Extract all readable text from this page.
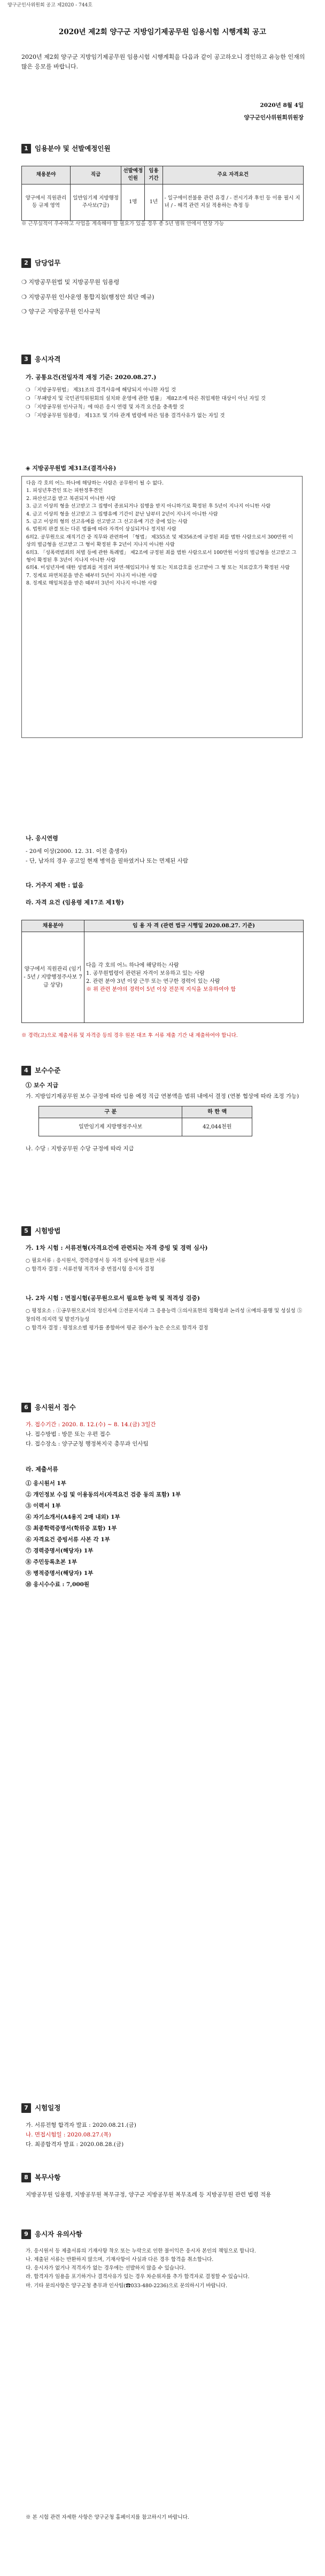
양구군인사위원회 공고 제2020 - 744호
2020년 제2회 양구군 지방임기제공무원 임용시험 시행계획 공고
2020년 제2회 양구군 지방임기제공무원 임용시험 시행계획을 다음과 같이 공고하오니 경인하고 유능한 인재의 많은 응모를 바랍니다.
2020년 8월 4일
양구군인사위원회위원장
1 임용분야 및 선발예정인원
채용분야	직급	선발예정인원	임용기간	주요 자격요건
양구에서 직원관리 등 규제 영역	일반임기제 지방행정주사보(7급)	1명	1년	- 일구에이전불용 관련 유경 / - 전시기과 후인 등 이용 필시 지녀 / - 해격 관련 지실 적용하는 측정 등
※ 근무실적이 우수하고 사업을 계속해야 할 필요가 있을 경우 총 5년 범위 안에서 연장 가능
2 담당업무
❍ 지방공무원법 및 지방공무원 임용령
❍ 지방공무원 인사운영 통합지침(행정안 희단 예규)
❍ 양구군 지방공무원 인사규칙
3 응시자격
가. 공통요건(전일자격 재정 기준: 2020.08.27.)
❍ 「지방공무원법」 제31조의 결격사유에 해당되지 아니한 자일 것
❍ 「부패방지 및 국민권익위원회의 설치와 운영에 관한 법률」 제82조에 따른 취업제한 대상이 아닌 자일 것
❍ 「지방공무원 인사규칙」에 따른 응시 연령 및 자격 요건을 충족할 것
❍ 「지방공무원 임용령」 제13조 및 기타 관계 법령에 따른 임용 결격사유가 없는 자일 것
◈ 지방공무원법 제31조(결격사유)
다음 각 호의 어느 하나에 해당하는 사람은 공무원이 될 수 없다.
1. 피성년후견인 또는 피한정후견인
2. 파산선고를 받고 복권되지 아니한 사람
3. 금고 이상의 형을 선고받고 그 집행이 종료되거나 집행을 받지 아니하기로 확정된 후 5년이 지나지 아니한 사람
4. 금고 이상의 형을 선고받고 그 집행유예 기간이 끝난 날부터 2년이 지나지 아니한 사람
5. 금고 이상의 형의 선고유예를 선고받고 그 선고유예 기간 중에 있는 사람
6. 법원의 판결 또는 다른 법률에 따라 자격이 상실되거나 정지된 사람
6의2. 공무원으로 재직기간 중 직무와 관련하여 「형법」 제355조 및 제356조에 규정된 죄를 범한 사람으로서 300만원 이상의 벌금형을 선고받고 그 형이 확정된 후 2년이 지나지 아니한 사람
6의3. 「성폭력범죄의 처벌 등에 관한 특례법」 제2조에 규정된 죄를 범한 사람으로서 100만원 이상의 벌금형을 선고받고 그 형이 확정된 후 3년이 지나지 아니한 사람
6의4. 미성년자에 대한 성범죄를 저질러 파면·해임되거나 형 또는 치료감호를 선고받아 그 형 또는 치료감호가 확정된 사람
7. 징계로 파면처분을 받은 때부터 5년이 지나지 아니한 사람
8. 징계로 해임처분을 받은 때부터 3년이 지나지 아니한 사람
나. 응시연령
- 20세 이상(2000. 12. 31. 이전 출생자)
- 단, 남자의 경우 공고일 현재 병역을 필하였거나 또는 면제된 사람
다. 거주지 제한 : 없음
라. 자격 요건 (임용령 제17조 제1항)
채용분야	임 용 자 격 (관련 법규 시행일 2020.08.27. 기준)
양구에서 직원관리 (임기 - 5년 / 지방행정주사보 7급 상당)	다음 각 호의 어느 하나에 해당하는 사람
1. 공무원법령이 관련된 자격이 보유하고 있는 사람
2. 관련 분야 3년 이상 근무 또는 연구한 경력이 있는 사람
※ 위 관련 분야의 경력이 5년 이상 전문적 지식을 보유하여야 함
※ 경력(고)으로 제출서류 및 자격증 등의 경우 원본 대조 후 서류 제출 기간 내 제출하여야 합니다.
4 보수수준
① 보수 지급
가. 지방임기제공무원 보수 규정에 따라 임용 예정 직급 연봉액을 범위 내에서 결정 (연봉 협상에 따라 조정 가능)
구 분	하 한 액
일반임기제 지방행정주사보	42,044천원
나. 수당 : 지방공무원 수당 규정에 따라 지급
5 시험방법
가. 1차 시험 : 서류전형(자격요건에 관련되는 자격 증빙 및 경력 심사)
○ 필요서류 : 응시원서, 경력증명서 등 자격 심사에 필요한 서류
○ 합격자 결정 : 서류전형 적격자 중 면접시험 응시자 결정
나. 2차 시험 : 면접시험(공무원으로서 필요한 능력 및 적격성 검증)
○ 평정요소 : ①공무원으로서의 정신자세 ②전문지식과 그 응용능력 ③의사표현의 정확성과 논리성 ④예의·품행 및 성실성 ⑤창의력·의지력 및 발전가능성
○ 합격자 결정 : 평정요소별 평가를 종합하여 평균 점수가 높은 순으로 합격자 결정
6 응시원서 접수
가. 접수기간 : 2020. 8. 12.(수) ~ 8. 14.(금) 3일간
나. 접수방법 : 방문 또는 우편 접수
다. 접수장소 : 양구군청 행정복지국 총무과 인사팀
라. 제출서류
① 응시원서 1부
② 개인정보 수집 및 이용동의서(자격요건 검증 동의 포함) 1부
③ 이력서 1부
④ 자기소개서(A4용지 2매 내외) 1부
⑤ 최종학력증명서(학위증 포함) 1부
⑥ 자격요건 증빙서류 사본 각 1부
⑦ 경력증명서(해당자) 1부
⑧ 주민등록초본 1부
⑨ 병적증명서(해당자) 1부
⑩ 응시수수료 : 7,000원
7 시험일정
가. 서류전형 합격자 발표 : 2020.08.21.(금)
나. 면접시험일 : 2020.08.27.(목)
다. 최종합격자 발표 : 2020.08.28.(금)
8 복무사항
지방공무원 임용령, 지방공무원 복무규정, 양구군 지방공무원 복무조례 등 지방공무원 관련 법령 적용
9 응시자 유의사항
가. 응시원서 등 제출서류의 기재사항 착오 또는 누락으로 인한 불이익은 응시자 본인의 책임으로 합니다.
나. 제출된 서류는 반환하지 않으며, 기재사항이 사실과 다른 경우 합격을 취소합니다.
다. 응시자가 없거나 적격자가 없는 경우에는 선발하지 않을 수 있습니다.
라. 합격자가 임용을 포기하거나 결격사유가 있는 경우 차순위자를 추가 합격자로 결정할 수 있습니다.
마. 기타 문의사항은 양구군청 총무과 인사팀(☎033-480-2236)으로 문의하시기 바랍니다.
※ 본 시험 관련 자세한 사항은 양구군청 홈페이지를 참고하시기 바랍니다.
